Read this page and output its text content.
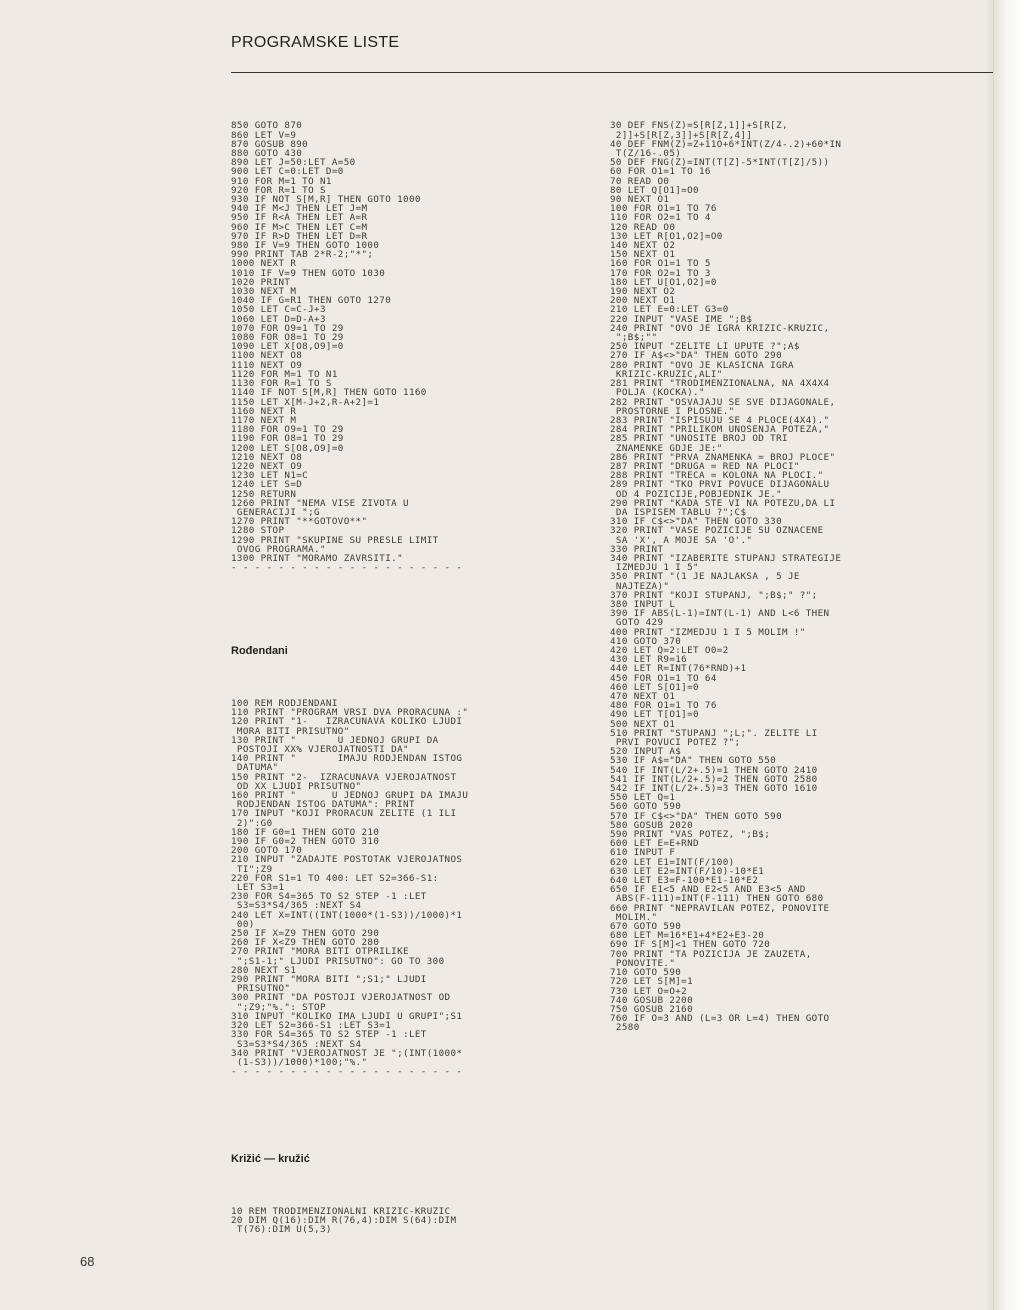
PROGRAMSKE LISTE

850 GOTO 870
860 LET V=9
870 GOSUB 890
880 GOTO 430
890 LET J=50:LET A=50
900 LET C=0:LET D=0
910 FOR M=1 TO N1
920 FOR R=1 TO S
930 IF NOT S[M,R] THEN GOTO 1000
940 IF M<J THEN LET J=M
950 IF R<A THEN LET A=R
960 IF M>C THEN LET C=M
970 IF R>D THEN LET D=R
980 IF V=9 THEN GOTO 1000
990 PRINT TAB 2*R-2;"*";
1000 NEXT R
1010 IF V=9 THEN GOTO 1030
1020 PRINT
1030 NEXT M
1040 IF G=R1 THEN GOTO 1270
1050 LET C=C-J+3
1060 LET D=D-A+3
1070 FOR O9=1 TO 29
1080 FOR O8=1 TO 29
1090 LET X[O8,O9]=0
1100 NEXT O8
1110 NEXT O9
1120 FOR M=1 TO N1
1130 FOR R=1 TO S
1140 IF NOT S[M,R] THEN GOTO 1160
1150 LET X[M-J+2,R-A+2]=1
1160 NEXT R
1170 NEXT M
1180 FOR O9=1 TO 29
1190 FOR O8=1 TO 29
1200 LET S[O8,O9]=0
1210 NEXT O8
1220 NEXT O9
1230 LET N1=C
1240 LET S=D
1250 RETURN
1260 PRINT "NEMA VISE ZIVOTA U
GENERACIJI ";G
1270 PRINT "**GOTOVO**"
1280 STOP
1290 PRINT "SKUPINE SU PRESLE LIMIT
OVOG PROGRAMA."
1300 PRINT "MORAMO ZAVRSITI."
- - - - - - - - - - - - - - - - - - - -

Rođendani

100 REM RODJENDANI
110 PRINT "PROGRAM VRSI DVA PRORACUNA :"
120 PRINT "1-   IZRACUNAVA KOLIKO LJUDI
MORA BITI PRISUTNO"
130 PRINT "       U JEDNOJ GRUPI DA
POSTOJI XX% VJEROJATNOSTI DA"
140 PRINT "       IMAJU RODJENDAN ISTOG
DATUMA"
150 PRINT "2-  IZRACUNAVA VJEROJATNOST
OD XX LJUDI PRISUTNO"
160 PRINT "      U JEDNOJ GRUPI DA IMAJU
RODJENDAN ISTOG DATUMA": PRINT
170 INPUT "KOJI PRORACUN ZELITE (1 ILI
2)":G0
180 IF G0=1 THEN GOTO 210
190 IF G0=2 THEN GOTO 310
200 GOTO 170
210 INPUT "ZADAJTE POSTOTAK VJEROJATNOS
TI";Z9
220 FOR S1=1 TO 400: LET S2=366-S1:
LET S3=1
230 FOR S4=365 TO S2 STEP -1 :LET
S3=S3*S4/365 :NEXT S4
240 LET X=INT((INT(1000*(1-S3))/1000)*1
00)
250 IF X=Z9 THEN GOTO 290
260 IF X<Z9 THEN GOTO 280
270 PRINT "MORA BITI OTPRILIKE
";S1-1;" LJUDI PRISUTNO": GO TO 300
280 NEXT S1
290 PRINT "MORA BITI ";S1;" LJUDI
PRISUTNO"
300 PRINT "DA POSTOJI VJEROJATNOST OD
";Z9;"%.": STOP
310 INPUT "KOLIKO IMA LJUDI U GRUPI";S1
320 LET S2=366-S1 :LET S3=1
330 FOR S4=365 TO S2 STEP -1 :LET
S3=S3*S4/365 :NEXT S4
340 PRINT "VJEROJATNOST JE ";(INT(1000*
(1-S3))/1000)*100;"%."
- - - - - - - - - - - - - - - - - - - -

Križić — kružić

10 REM TRODIMENZIONALNI KRIZIC-KRUZIC
20 DIM Q(16):DIM R(76,4):DIM S(64):DIM
T(76):DIM U(5,3)

30 DEF FNS(Z)=S[R[Z,1]]+S[R[Z,
2]]+S[R[Z,3]]+S[R[Z,4]]
40 DEF FNM(Z)=Z+11O+6*INT(Z/4-.2)+60*IN
T(Z/16-.05)
50 DEF FNG(Z)=INT(T[Z]-5*INT(T[Z]/5))
60 FOR O1=1 TO 16
70 READ O0
80 LET Q[O1]=O0
90 NEXT O1
100 FOR O1=1 TO 76
110 FOR O2=1 TO 4
120 READ O0
130 LET R[O1,O2]=O0
140 NEXT O2
150 NEXT O1
160 FOR O1=1 TO 5
170 FOR O2=1 TO 3
180 LET U[O1,O2]=0
190 NEXT O2
200 NEXT O1
210 LET E=0:LET G3=0
220 INPUT "VASE IME ";B$
240 PRINT "OVO JE IGRA KRIZIC-KRUZIC,
";B$;""
250 INPUT "ZELITE LI UPUTE ?";A$
270 IF A$<>"DA" THEN GOTO 290
280 PRINT "OVO JE KLASICNA IGRA
KRIZIC-KRUZIC,ALI"
281 PRINT "TRODIMENZIONALNA, NA 4X4X4
POLJA (KOCKA)."
282 PRINT "OSVAJAJU SE SVE DIJAGONALE,
PROSTORNE I PLOSNE."
283 PRINT "ISPISUJU SE 4 PLOCE(4X4)."
284 PRINT "PRILIKOM UNOSENJA POTEZA,"
285 PRINT "UNOSITE BROJ OD TRI
ZNAMENKE GDJE JE:"
286 PRINT "PRVA ZNAMENKA = BROJ PLOCE"
287 PRINT "DRUGA = RED NA PLOCI"
288 PRINT "TRECA = KOLONA NA PLOCI."
289 PRINT "TKO PRVI POVUCE DIJAGONALU
OD 4 POZICIJE,POBJEDNIK JE."
290 PRINT "KADA STE VI NA POTEZU,DA LI
DA ISPISEM TABLU ?";C$
310 IF C$<>"DA" THEN GOTO 330
320 PRINT "VASE POZICIJE SU OZNACENE
SA 'X', A MOJE SA 'O'."
330 PRINT
340 PRINT "IZABERITE STUPANJ STRATEGIJE
IZMEDJU 1 I 5"
350 PRINT "(1 JE NAJLAKSA , 5 JE
NAJTEZA)"
370 PRINT "KOJI STUPANJ, ";B$;" ?";
380 INPUT L
390 IF ABS(L-1)=INT(L-1) AND L<6 THEN
GOTO 429
400 PRINT "IZMEDJU 1 I 5 MOLIM !"
410 GOTO 370
420 LET Q=2:LET O0=2
430 LET R9=16
440 LET R=INT(76*RND)+1
450 FOR O1=1 TO 64
460 LET S[O1]=0
470 NEXT O1
480 FOR O1=1 TO 76
490 LET T[O1]=0
500 NEXT O1
510 PRINT "STUPANJ ";L;". ZELITE LI
PRVI POVUCI POTEZ ?";
520 INPUT A$
530 IF A$="DA" THEN GOTO 550
540 IF INT(L/2+.5)=1 THEN GOTO 2410
541 IF INT(L/2+.5)=2 THEN GOTO 2580
542 IF INT(L/2+.5)=3 THEN GOTO 1610
550 LET Q=1
560 GOTO 590
570 IF C$<>"DA" THEN GOTO 590
580 GOSUB 2020
590 PRINT "VAS POTEZ, ";B$;
600 LET E=E+RND
610 INPUT F
620 LET E1=INT(F/100)
630 LET E2=INT(F/10)-10*E1
640 LET E3=F-100*E1-10*E2
650 IF E1<5 AND E2<5 AND E3<5 AND
ABS(F-111)=INT(F-111) THEN GOTO 680
660 PRINT "NEPRAVILAN POTEZ, PONOVITE
MOLIM."
670 GOTO 590
680 LET M=16*E1+4*E2+E3-20
690 IF S[M]<1 THEN GOTO 720
700 PRINT "TA POZICIJA JE ZAUZETA,
PONOVITE."
710 GOTO 590
720 LET S[M]=1
730 LET O=O+2
740 GOSUB 2200
750 GOSUB 2160
760 IF O=3 AND (L=3 OR L=4) THEN GOTO
2580

68
